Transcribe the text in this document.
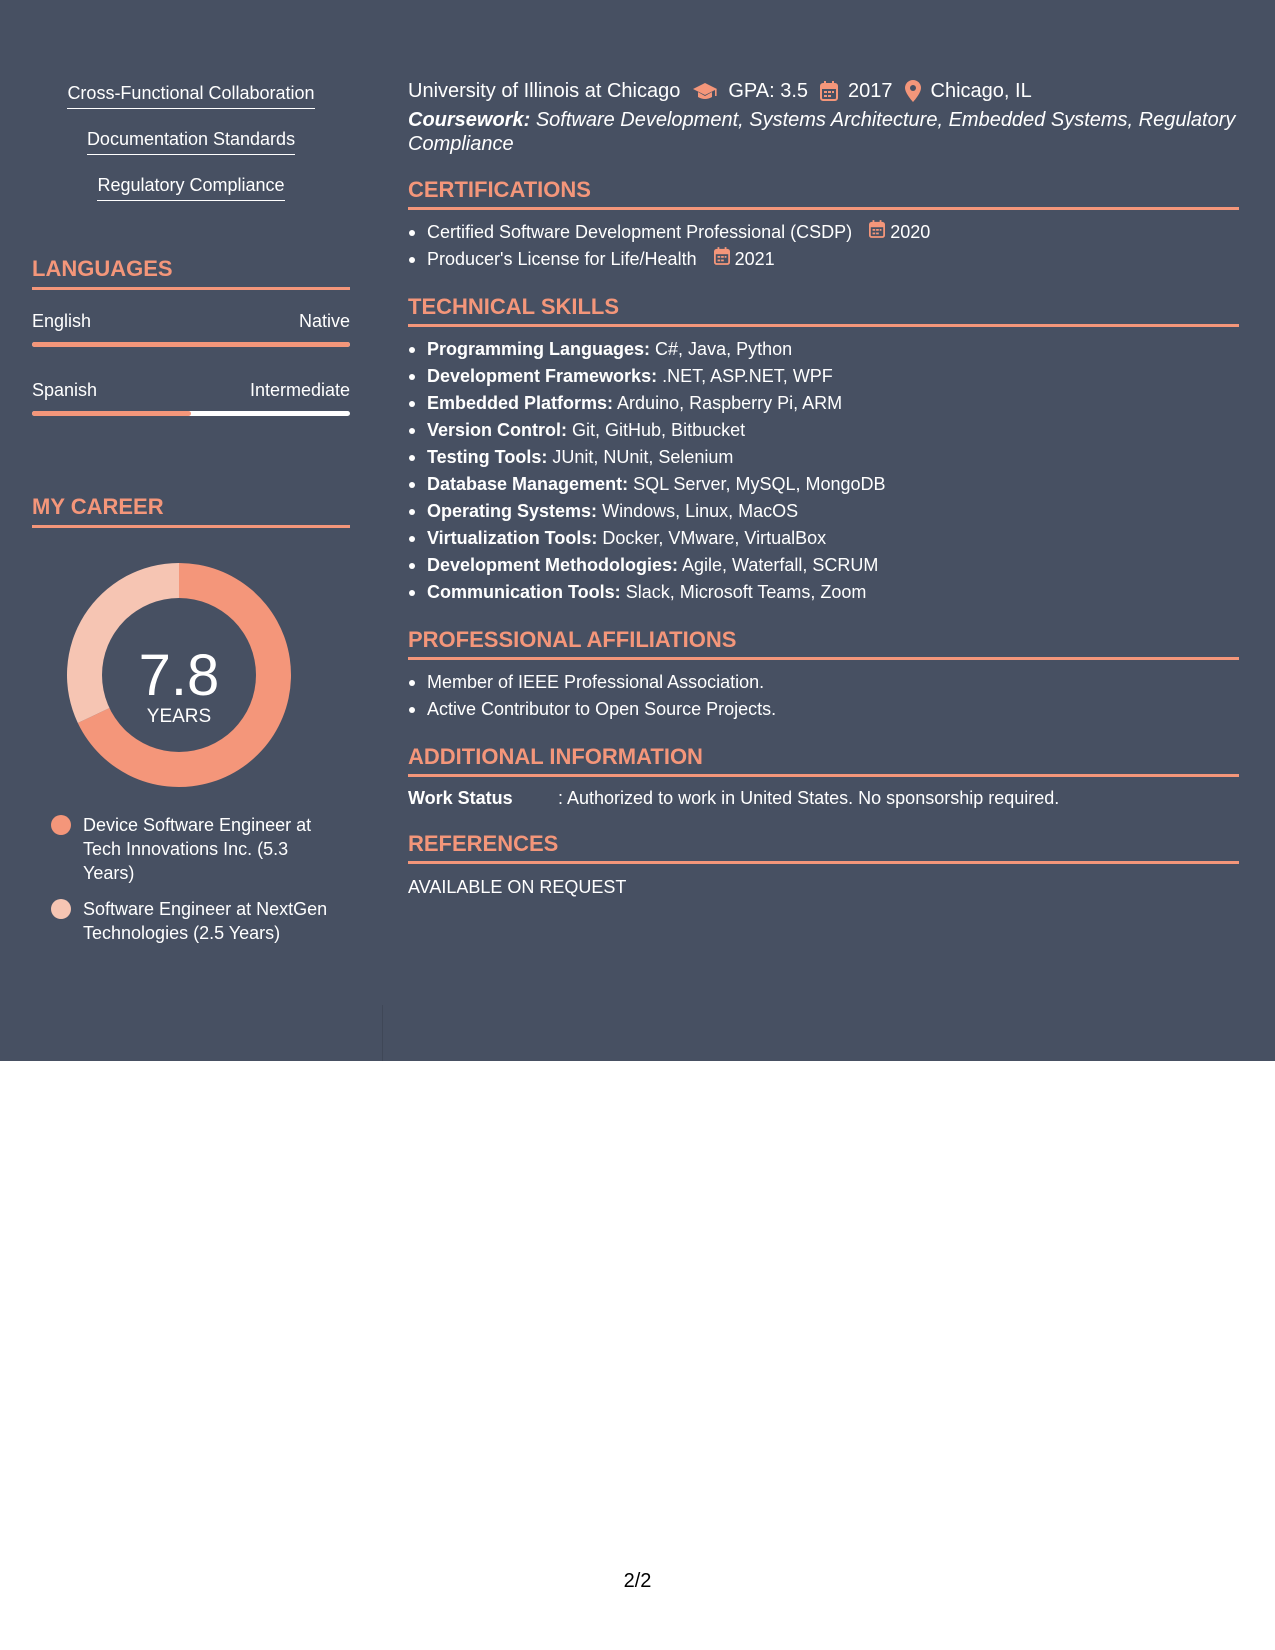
Cross-Functional Collaboration
Documentation Standards
Regulatory Compliance
LANGUAGES
English	Native
Spanish	Intermediate
MY CAREER
7.8
YEARS
Device Software Engineer at Tech Innovations Inc. (5.3 Years)
Software Engineer at NextGen Technologies (2.5 Years)
University of Illinois at Chicago GPA: 3.5 2017 Chicago, IL
Coursework: Software Development, Systems Architecture, Embedded Systems, Regulatory Compliance
CERTIFICATIONS
Certified Software Development Professional (CSDP) 2020
Producer's License for Life/Health 2021
TECHNICAL SKILLS
Programming Languages: C#, Java, Python
Development Frameworks: .NET, ASP.NET, WPF
Embedded Platforms: Arduino, Raspberry Pi, ARM
Version Control: Git, GitHub, Bitbucket
Testing Tools: JUnit, NUnit, Selenium
Database Management: SQL Server, MySQL, MongoDB
Operating Systems: Windows, Linux, MacOS
Virtualization Tools: Docker, VMware, VirtualBox
Development Methodologies: Agile, Waterfall, SCRUM
Communication Tools: Slack, Microsoft Teams, Zoom
PROFESSIONAL AFFILIATIONS
Member of IEEE Professional Association.
Active Contributor to Open Source Projects.
ADDITIONAL INFORMATION
Work Status	: Authorized to work in United States. No sponsorship required.
REFERENCES
AVAILABLE ON REQUEST
2/2
